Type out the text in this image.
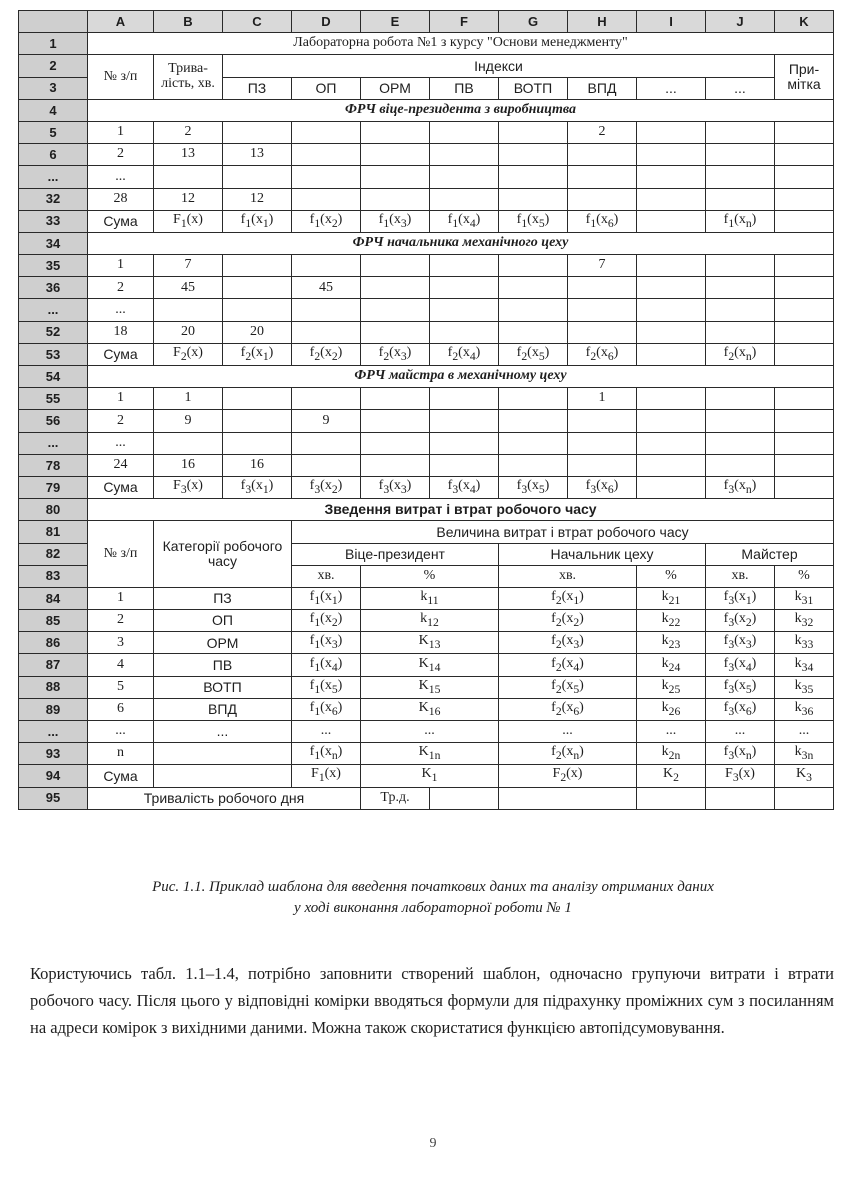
	A	B	C	D	E	F	G	H	I	J	K
1	Лабораторна робота №1 з курсу "Основи менеджменту"										
2	№ з/п	Трива-лість, хв.	Індекси								При-мітка
3			ПЗ	ОП	ОРМ	ПВ	ВОТП	ВПД	...	...	
4	ФРЧ віце-президента з виробництва										
5	1	2						2			
6	2	13	13								
...	...										
32	28	12	12								
33	Сума	$F_1(x)$	$f_1(x_1)$	$f_1(x_2)$	$f_1(x_3)$	$f_1(x_4)$	$f_1(x_5)$	$f_1(x_6)$		$f_1(x_n)$	
34	ФРЧ начальника механічного цеху										
35	1	7						7			
36	2	45		45							
...	...										
52	18	20	20								
53	Сума	$F_2(x)$	$f_2(x_1)$	$f_2(x_2)$	$f_2(x_3)$	$f_2(x_4)$	$f_2(x_5)$	$f_2(x_6)$		$f_2(x_n)$	
54	ФРЧ майстра в механічному цеху										
55	1	1						1			
56	2	9		9							
...	...										
78	24	16	16								
79	Сума	$F_3(x)$	$f_3(x_1)$	$f_3(x_2)$	$f_3(x_3)$	$f_3(x_4)$	$f_3(x_5)$	$f_3(x_6)$		$f_3(x_n)$	
80	Зведення витрат і втрат робочого часу										
81	№ з/п	Категорії робочого часу		Величина витрат і втрат робочого часу							
82				Віце-президент			Начальник цеху			Майстер	
83				хв.	%		хв.		%	хв.	%
84	1	ПЗ		$f_1(x_1)$	$k_{11}$		$f_2(x_1)$		$k_{21}$	$f_3(x_1)$	$k_{31}$
85	2	ОП		$f_1(x_2)$	$k_{12}$		$f_2(x_2)$		$k_{22}$	$f_3(x_2)$	$k_{32}$
86	3	ОРМ		$f_1(x_3)$	$K_{13}$		$f_2(x_3)$		$k_{23}$	$f_3(x_3)$	$k_{33}$
87	4	ПВ		$f_1(x_4)$	$K_{14}$		$f_2(x_4)$		$k_{24}$	$f_3(x_4)$	$k_{34}$
88	5	ВОТП		$f_1(x_5)$	$K_{15}$		$f_2(x_5)$		$k_{25}$	$f_3(x_5)$	$k_{35}$
89	6	ВПД		$f_1(x_6)$	$K_{16}$		$f_2(x_6)$		$k_{26}$	$f_3(x_6)$	$k_{36}$
...	...	...		...	...		...		...	...	...
93	n			$f_1(x_n)$	$K_{1n}$		$f_2(x_n)$		$k_{2n}$	$f_3(x_n)$	$k_{3n}$
94	Сума			$F_1(x)$	$K_1$		$F_2(x)$		$K_2$	$F_3(x)$	$K_3$
95	Тривалість робочого дня				Тр.д.						
Рис. 1.1. Приклад шаблона для введення початкових даних та аналізу отриманих даних
у ході виконання лабораторної роботи № 1
Користуючись табл. 1.1–1.4, потрібно заповнити створений шаблон, одночасно групуючи витрати і втрати робочого часу. Після цього у відповідні комірки вводяться формули для підрахунку проміжних сум з посиланням на адреси комірок з вихідними даними. Можна також скористатися функцією автопідсумовування.
9
